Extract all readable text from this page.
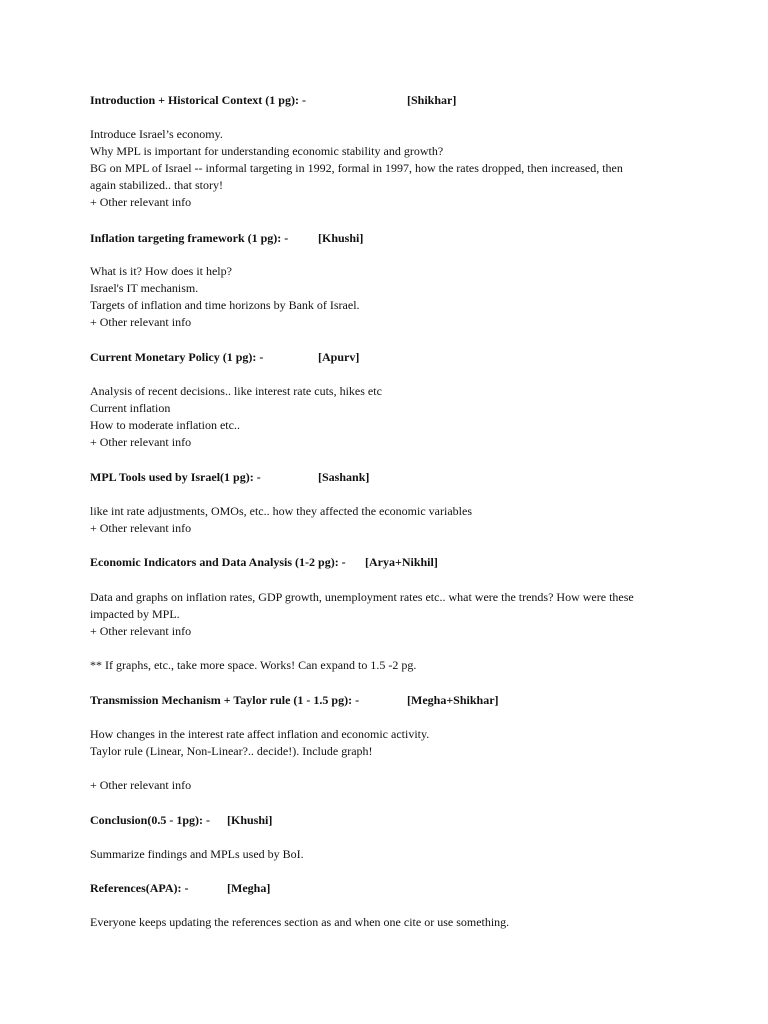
Introduction + Historical Context (1 pg): -	[Shikhar]
Introduce Israel’s economy.
Why MPL is important for understanding economic stability and growth?
BG on MPL of Israel -- informal targeting in 1992, formal in 1997, how the rates dropped, then increased, then
again stabilized.. that story!
+ Other relevant info
Inflation targeting framework (1 pg): - [Khushi]
What is it? How does it help?
Israel's IT mechanism.
Targets of inflation and time horizons by Bank of Israel.
+ Other relevant info
Current Monetary Policy (1 pg): -	[Apurv]
Analysis of recent decisions.. like interest rate cuts, hikes etc
Current inflation
How to moderate inflation etc..
+ Other relevant info
MPL Tools used by Israel(1 pg): -	[Sashank]
like int rate adjustments, OMOs, etc.. how they affected the economic variables
+ Other relevant info
Economic Indicators and Data Analysis (1-2 pg): - [Arya+Nikhil]
Data and graphs on inflation rates, GDP growth, unemployment rates etc.. what were the trends? How were these
impacted by MPL.
+ Other relevant info
** If graphs, etc., take more space. Works! Can expand to 1.5 -2 pg.
Transmission Mechanism + Taylor rule (1 - 1.5 pg): -	[Megha+Shikhar]
How changes in the interest rate affect inflation and economic activity.
Taylor rule (Linear, Non-Linear?.. decide!). Include graph!
+ Other relevant info
Conclusion(0.5 - 1pg): - [Khushi]
Summarize findings and MPLs used by BoI.
References(APA): -	[Megha]
Everyone keeps updating the references section as and when one cite or use something.
